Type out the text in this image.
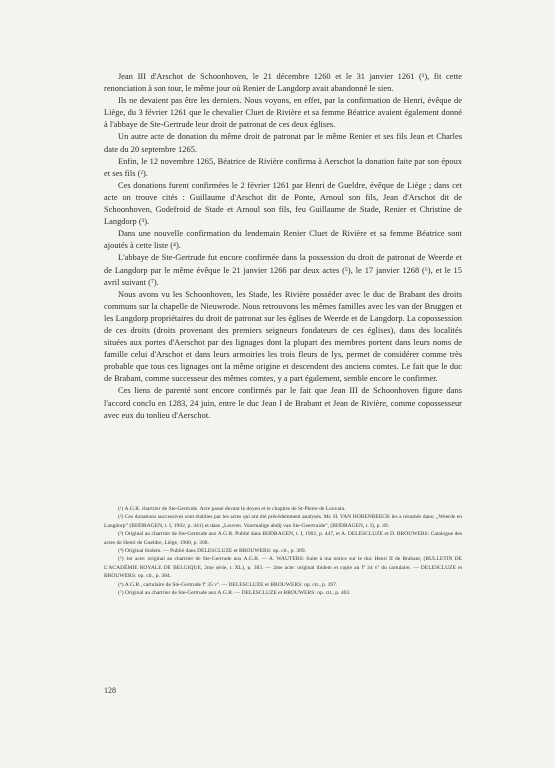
Jean III d'Arschot de Schoonhoven, le 21 décembre 1260 et le 31 janvier 1261 (¹), fit cette renonciation à son tour, le même jour où Renier de Langdorp avait abandonné le sien.

Ils ne devaient pas être les derniers. Nous voyons, en effet, par la confirmation de Henri, évêque de Liège, du 3 février 1261 que le chevalier Cluet de Rivière et sa femme Béatrice avaient également donné à l'abbaye de Ste-Gertrude leur droit de patronat de ces deux églises.

Un autre acte de donation du même droit de patronat par le même Renier et ses fils Jean et Charles date du 20 septembre 1265.

Enfin, le 12 novembre 1265, Béatrice de Rivière confirma à Aerschot la donation faite par son époux et ses fils (²).

Ces donations furent confirmées le 2 février 1261 par Henri de Gueldre, évêque de Liège ; dans cet acte on trouve cités : Guillaume d'Arschot dit de Ponte, Arnoul son fils, Jean d'Arschot dit de Schoonhoven, Godefroid de Stade et Arnoul son fils, feu Guillaume de Stade, Renier et Christine de Langdorp (³).

Dans une nouvelle confirmation du lendemain Renier Cluet de Rivière et sa femme Béatrice sont ajoutés à cette liste (⁴).

L'abbaye de Ste-Gertrude fut encore confirmée dans la possession du droit de patronat de Weerde et de Langdorp par le même évêque le 21 janvier 1266 par deux actes (⁵), le 17 janvier 1268 (⁶), et le 15 avril suivant (⁷).

Nous avons vu les Schoonhoven, les Stade, les Rivière posséder avec le duc de Brabant des droits communs sur la chapelle de Nieuwrode. Nous retrouvons les mêmes familles avec les van der Bruggen et les Langdorp propriétaires du droit de patronat sur les églises de Weerde et de Langdorp. La copossession de ces droits (droits provenant des premiers seigneurs fondateurs de ces églises), dans des localités situées aux portes d'Aerschot par des lignages dont la plupart des membres portent dans leurs noms de famille celui d'Arschot et dans leurs armoiries les trois fleurs de lys, permet de considérer comme très probable que tous ces lignages ont la même origine et descendent des anciens comtes. Le fait que le duc de Brabant, comme successeur des mêmes comtes, y a part également, semble encore le confirmer.

Ces liens de parenté sont encore confirmés par le fait que Jean III de Schoonhoven figure dans l'accord conclu en 1283, 24 juin, entre le duc Jean I de Brabant et Jean de Rivière, comme copossesseur avec eux du tonlieu d'Aerschot.

(¹) A.G.R. chartrier de Ste-Gertrude. Acte passé devant le doyen et le chapitre de St-Pierre de Louvain.

(²) Ces donations successives sont établies par les actes qui ont été précédemment analysés. Mr. H. VAN HOBENBEECK les a résumés dans: „Weerde en Langdorp” (BIJDRAGEN, t. I, 1902, p. 441) et dans „Leuven. Voormalige abdij van Ste-Geertruide”, (BIJDRAGEN, t. I), p. 49.

(³) Original au chartrier de Ste-Gertrude aux A.G.R. Publié dans BIJDRAGEN, t. I, 1902, p. 447, et A. DELESCLUZE et D. BROUWERS: Catalogue des actes de Henri de Gueldre, Liège, 1900, p. 308.

(⁴) Original ibidem. — Publié dans DELESCLUZE et BROUWERS: op. cit., p. 309.

(⁵) 1er acte: original au chartrier de Ste-Gertrude aux A.G.R. — A. WAUTERS: Suite à ma notice sur le duc Henri II de Brabant, (BULLETIN DE L'ACADÉMIE ROYALE DE BELGIQUE, 2me série, t. XL), p. 383. — 2me acte: original ibidem et copie au fº 34 vº du cartulaire. — DELESCLUZE et BROUWERS: op. cit., p. 384.

(⁶) A.G.R., cartulaire de Ste-Gertrude fº 35 vº. — DELESCLUZE et BROUWERS: op. cit., p. 397.

(⁷) Original au chartrier de Ste-Gertrude aux A.G.R. — DELESCLUZE et BROUWERS: op. cit., p. 403.

128
